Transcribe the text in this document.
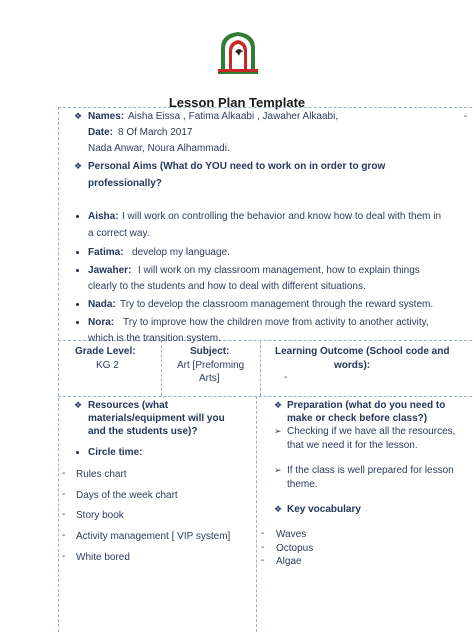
Lesson Plan Template
❖ Names: Aisha Eissa , Fatima Alkaabi , Jawaher Alkaabi,	-
Date: 8 Of March 2017
Nada Anwar, Noura Alhammadi.
❖ Personal Aims (What do YOU need to work on in order to grow
professionally?
Aisha: I will work on controlling the behavior and know how to deal with them in
a correct way.
Fatima: develop my language.
Jawaher: I will work on my classroom management, how to explain things
clearly to the students and how to deal with different situations.
Nada: Try to develop the classroom management through the reward system.
Nora: Try to improve how the children move from activity to another activity,
which is the transition system.
Grade Level:
KG 2
Subject:
Art [Preforming
Arts]
Learning Outcome (School code and
words):
-
❖ Resources (what
materials/equipment will you
and the students use)?
Circle time:
- Rules chart
- Days of the week chart
- Story book
- Activity management [ VIP system]
- White bored
❖ Preparation (what do you need to
make or check before class?)
➢ Checking if we have all the resources,
that we need it for the lesson.
➢ If the class is well prepared for lesson
theme.
❖ Key vocabulary
- Waves
- Octopus
- Algae
